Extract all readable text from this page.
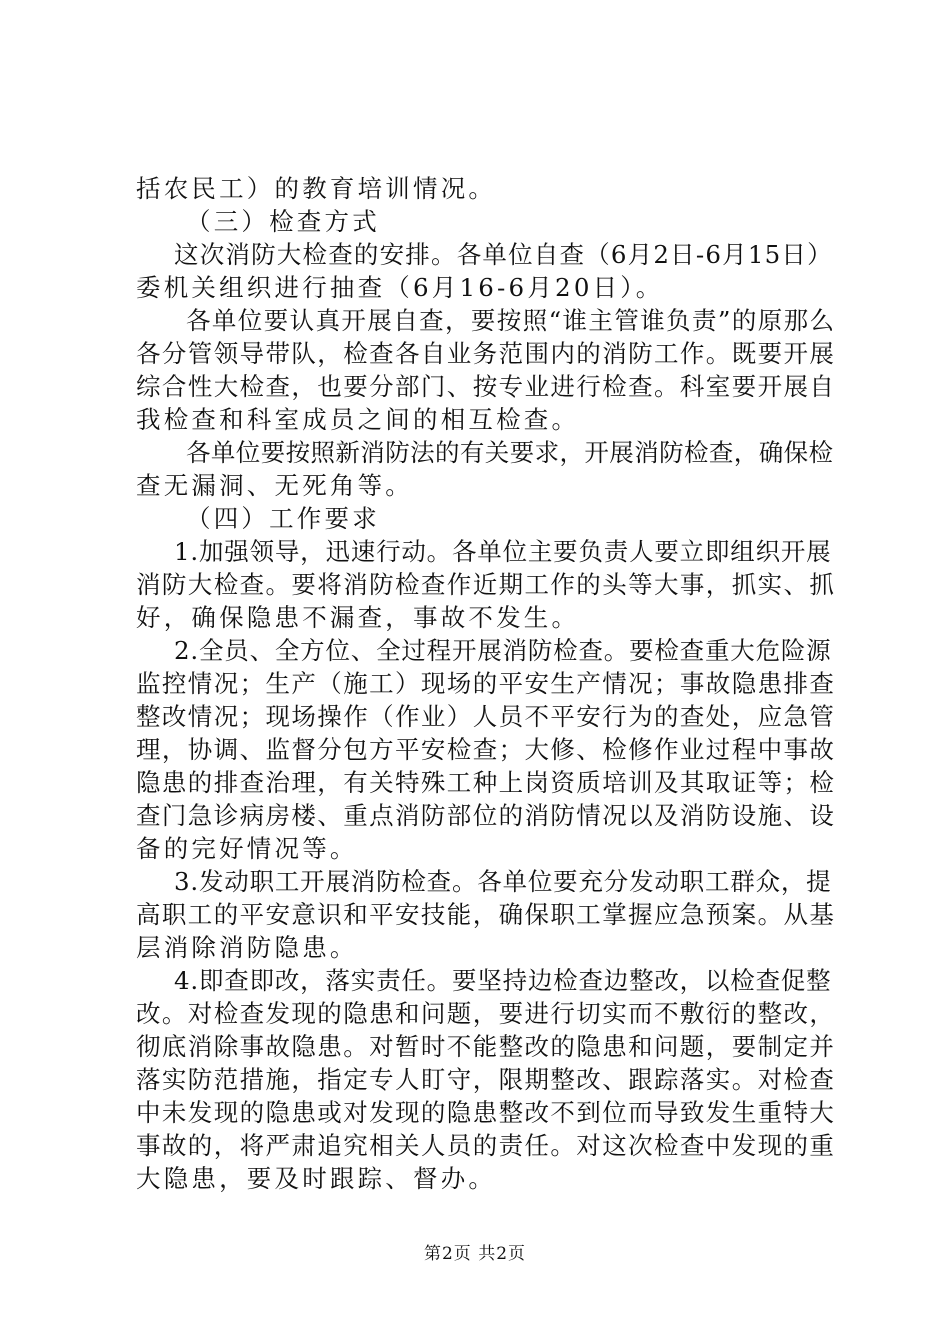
括农民工）的教育培训情况。
（三）检查方式
这次消防大检查的安排。各单位自查（6月2日-6月15日）
委机关组织进行抽查（6月16-6月20日）。
各单位要认真开展自查，要按照“谁主管谁负责”的原那么
各分管领导带队，检查各自业务范围内的消防工作。既要开展
综合性大检查，也要分部门、按专业进行检查。科室要开展自
我检查和科室成员之间的相互检查。
各单位要按照新消防法的有关要求，开展消防检查，确保检
查无漏洞、无死角等。
（四）工作要求
1.加强领导，迅速行动。各单位主要负责人要立即组织开展
消防大检查。要将消防检查作近期工作的头等大事，抓实、抓
好，确保隐患不漏查，事故不发生。
2.全员、全方位、全过程开展消防检查。要检查重大危险源
监控情况；生产（施工）现场的平安生产情况；事故隐患排查
整改情况；现场操作（作业）人员不平安行为的查处，应急管
理，协调、监督分包方平安检查；大修、检修作业过程中事故
隐患的排查治理，有关特殊工种上岗资质培训及其取证等；检
查门急诊病房楼、重点消防部位的消防情况以及消防设施、设
备的完好情况等。
3.发动职工开展消防检查。各单位要充分发动职工群众，提
高职工的平安意识和平安技能，确保职工掌握应急预案。从基
层消除消防隐患。
4.即查即改，落实责任。要坚持边检查边整改，以检查促整
改。对检查发现的隐患和问题，要进行切实而不敷衍的整改，
彻底消除事故隐患。对暂时不能整改的隐患和问题，要制定并
落实防范措施，指定专人盯守，限期整改、跟踪落实。对检查
中未发现的隐患或对发现的隐患整改不到位而导致发生重特大
事故的，将严肃追究相关人员的责任。对这次检查中发现的重
大隐患，要及时跟踪、督办。
第2页 共2页
